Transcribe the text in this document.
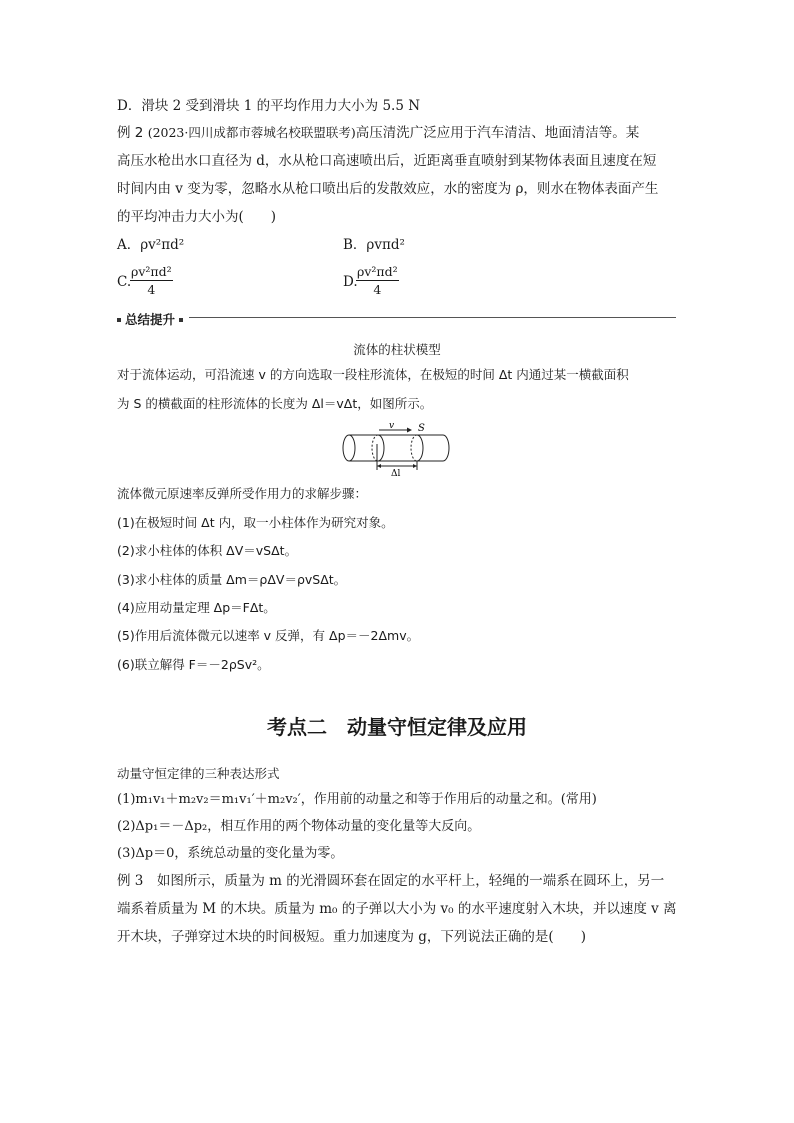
D．滑块 2 受到滑块 1 的平均作用力大小为 5.5 N
例 2 (2023·四川成都市蓉城名校联盟联考)高压清洗广泛应用于汽车清洁、地面清洁等。某
高压水枪出水口直径为 d，水从枪口高速喷出后，近距离垂直喷射到某物体表面且速度在短
时间内由 v 变为零，忽略水从枪口喷出后的发散效应，水的密度为 ρ，则水在物体表面产生
的平均冲击力大小为(　　)
A．ρv²πd²	B．ρvπd²
C.
$\frac{\text{ρv²πd²}}{4}$	D.
$\frac{\text{ρv²πd²}}{4}$
总结提升
流体的柱状模型
对于流体运动，可沿流速 v 的方向选取一段柱形流体，在极短的时间 Δt 内通过某一横截面积
为 S 的横截面的柱形流体的长度为 Δl＝vΔt，如图所示。
v S
Δl
流体微元原速率反弹所受作用力的求解步骤：
(1)在极短时间 Δt 内，取一小柱体作为研究对象。
(2)求小柱体的体积 ΔV＝vSΔt。
(3)求小柱体的质量 Δm＝ρΔV＝ρvSΔt。
(4)应用动量定理 Δp＝FΔt。
(5)作用后流体微元以速率 v 反弹，有 Δp＝－2Δmv。
(6)联立解得 F＝－2ρSv²。
考点二　动量守恒定律及应用
动量守恒定律的三种表达形式
(1)m₁v₁＋m₂v₂＝m₁v₁′＋m₂v₂′，作用前的动量之和等于作用后的动量之和。(常用)
(2)Δp₁＝－Δp₂，相互作用的两个物体动量的变化量等大反向。
(3)Δp＝0，系统总动量的变化量为零。
例 3　如图所示，质量为 m 的光滑圆环套在固定的水平杆上，轻绳的一端系在圆环上，另一
端系着质量为 M 的木块。质量为 m₀ 的子弹以大小为 v₀ 的水平速度射入木块，并以速度 v 离
开木块，子弹穿过木块的时间极短。重力加速度为 g，下列说法正确的是(　　)
